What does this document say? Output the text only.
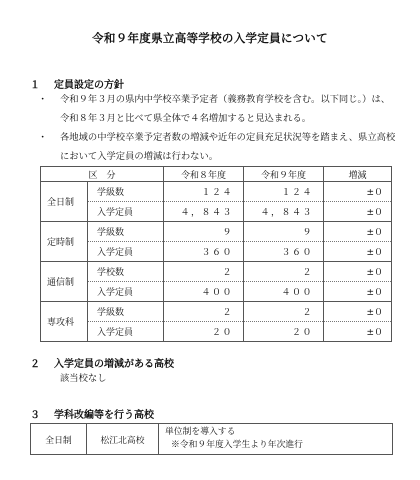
令和９年度県立高等学校の入学定員について
１ 定員設定の方針
・ 令和９年３月の県内中学校卒業予定者（義務教育学校を含む。以下同じ。）は、
令和８年３月と比べて県全体で４名増加すると見込まれる。
・ 各地域の中学校卒業予定者数の増減や近年の定員充足状況等を踏まえ、県立高校
において入学定員の増減は行わない。
区　分		令和８年度	令和９年度	増減
全日制	学級数	１２４	１２４	±０
	入学定員	４，８４３	４，８４３	±０
定時制	学級数	９	９	±０
	入学定員	３６０	３６０	±０
通信制	学校数	２	２	±０
	入学定員	４００	４００	±０
専攻科	学級数	２	２	±０
	入学定員	２０	２０	±０
２ 入学定員の増減がある高校
該当校なし
３ 学科改編等を行う高校
全日制	松江北高校	
単位制を導入する
※令和９年度入学生より年次進行
